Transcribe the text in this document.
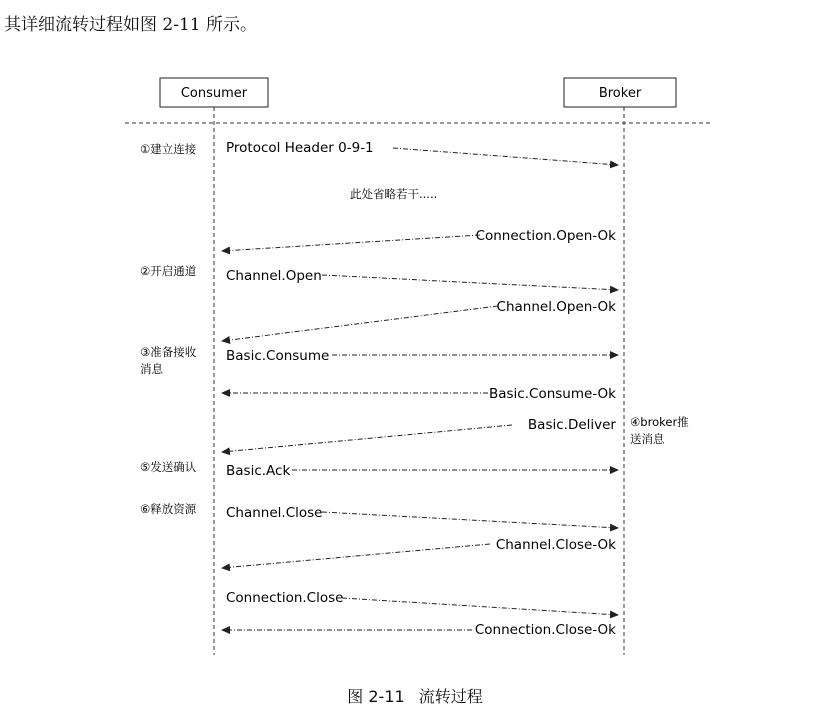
其详细流转过程如图 2-11 所示。
Consumer	Broker
①建立连接
②开启通道
③准备接收
消息
⑤发送确认
⑥释放资源
④broker推
送消息
此处省略若干.....
Protocol Header 0-9-1
Connection.Open-Ok
Channel.Open
Channel.Open-Ok
Basic.Consume
Basic.Consume-Ok
Basic.Deliver
Basic.Ack
Channel.Close
Channel.Close-Ok
Connection.Close
Connection.Close-Ok
图 2-11 流转过程
